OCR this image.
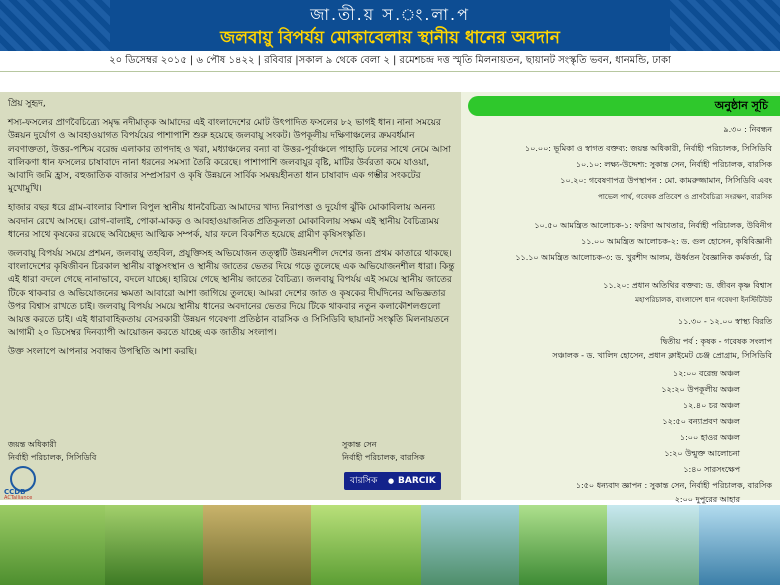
জা.তী.য় স.ং.লা.প
জলবায়ু বিপর্যয় মোকাবেলায় স্থানীয় ধানের অবদান
২০ ডিসেম্বর ২০১৫ | ৬ পৌষ ১৪২২ | রবিবার |সকাল ৯ থেকে বেলা ২ | রমেশচন্দ্র দত্ত স্মৃতি মিলনায়তন, ছায়ানট সংস্কৃতি ভবন, ধানমন্ডি, ঢাকা

প্রিয় সুহৃদ,

শস্য-ফসলের প্রাণবৈচিত্র্যে সমৃদ্ধ নদীমাতৃক আমাদের এই বাংলাদেশের মোট উৎপাদিত ফসলের ৮২ ভাগই ধান। নানা সময়ের উন্নয়ন দুর্যোগ ও আবহাওয়াগত বিপর্যয়ের পাশাপাশি শুরু হয়েছে জলবায়ু সংকট। উপকূলীয় দক্ষিণাঞ্চলের ক্রমবর্ধমান লবণাক্ততা, উত্তর-পশ্চিম বরেন্দ্র এলাকার তাপদাহ ও খরা, মধ্যাঞ্চলের বন্যা বা উত্তর-পূর্বাঞ্চলে পাহাড়ি ঢলের সাথে নেমে আসা বালিকণা ধান ফসলের চাষাবাদে নানা ধরনের সমস্যা তৈরি করেছে। পাশাপাশি জলবাযুর বৃষ্টি, মাটির উর্বরতা কমে যাওয়া, আবাদি জমি হ্রাস, বহুজাতিক বাজার সম্প্রসারণ ও কৃষি উন্নয়নে সার্বিক সমন্বয়হীনতা ধান চাষাবাদ এক গম্ভীর সংকটের মুখোমুখি।

হাজার বছর ধরে গ্রাম-বাংলার বিশাল বিপুল স্থানীয় ধানবৈচিত্র্য আমাদের খাদ্য নিরাপত্তা ও দুর্যোগ ঝুঁকি মোকাবিলায় অনন্য অবদান রেখে আসছে। রোগ-বালাই, পোকা-মাকড় ও আবহাওয়াজনিত প্রতিকূলতা মোকাবিলায় সক্ষম এই স্থানীয় বৈচিত্র্যময় ধানের সাথে কৃষকের রয়েছে অবিচ্ছেদ্য আত্মিক সম্পর্ক, যার ফলে বিকশিত হয়েছে গ্রামীণ কৃষিসংস্কৃতি।

জলবায়ু বিপর্যয় সময়ে প্রশমন, জলবায়ু তহবিল, প্রযুক্তিসহ অভিযোজন তত্ত্বটি উন্নয়নশীল দেশের জন্য প্রথম কাতারে থাকছে। বাংলাদেশের কৃষিজীবন চিরকাল স্থানীয় বাস্তুসংস্থান ও স্থানীয় জাতের ভেতর দিয়ে গড়ে তুলেছে এক অভিযোজনশীল ধারা। কিন্তু এই ধারা বদলে গেছে নানাভাবে, বদলে যাচ্ছে। হারিয়ে গেছে স্থানীয় জাতের বৈচিত্র্য। জলবায়ু বিপর্যয় এই সময়ে স্থানীয় জাতের টিকে থাকবার ও অভিযোজনের ক্ষমতা আবারো আশা জাগিয়ে তুলছে। আমরা দেশের জাত ও কৃষকের দীর্ঘদিনের অভিজ্ঞতার উপর বিশ্বাস রাখতে চাই। জলবায়ু বিপর্যয় সময়ে স্থানীয় ধানের অবদানের ভেতর দিয়ে টিকে থাকবার নতুন কলাকৌশলগুলো আয়ত্ত করতে চাই। এই ধারাবাহিকতায় বেসরকারী উন্নয়ন গবেষণা প্রতিষ্ঠান বারসিক ও সিসিডিবি ছায়ানট সংস্কৃতি মিলনায়তনে আগামী ২০ ডিসেম্বর দিনব্যাপী আয়োজন করতে যাচ্ছে এক জাতীয় সংলাপ।

উক্ত সংলাপে আপনার সবান্ধব উপস্থিতি আশা করছি।

জয়ন্ত অধিকারী
নির্বাহী পরিচালক, সিসিডিবি
সুকান্ত সেন
নির্বাহী পরিচালক, বারসিক
CCDB
ACTalliance
বারসিক ● BARCIK
অনুষ্ঠান সূচি
৯.৩০ : নিবন্ধন
১০.০০: ভূমিকা ও স্বাগত বক্তব্য: জয়ন্ত অধিকারী, নির্বাহী পরিচালক, সিসিডিবি
১০.১০: লক্ষ্য-উদ্দেশ্য: সুকান্ত সেন, নির্বাহী পরিচালক, বারসিক
১০.২০: গবেষণাপত্র উপস্থাপন : মো. কামরুজ্জামান, সিসিডিবি এবং
পাভেল পার্থ, গবেষক প্রতিবেশ ও প্রাণবৈচিত্র্য সংরক্ষণ, বারসিক
১০.৫০ আমন্ত্রিত আলোচক-১: ফরিদা আখতার, নির্বাহী পরিচালক, উবিনীগ
১১.০০ আমন্ত্রিত আলোচক-২: ড. গুল হোসেন, কৃষিবিজ্ঞানী
১১.১০ আমন্ত্রিত আলোচক-৩: ড. খুরশীদ আলম, ঊর্ধ্বতন বৈজ্ঞানিক কর্মকর্তা, ব্রি
১১.২০: প্রধান অতিথির বক্তব্য: ড. জীবন কৃষ্ণ বিশ্বাস
মহাপরিচালক, বাংলাদেশ ধান গবেষণা ইনস্টিটিউট
১১.৩০ - ১২.০০ স্বাস্থ্য বিরতি
দ্বিতীয় পর্ব : কৃষক - গবেষক সংলাপ
সঞ্চালক - ড. খালিদ হোসেন, প্রধান ক্লাইমেট চেঞ্জ প্রোগ্রাম, সিসিডিবি
১২:০০ বরেন্দ্র অঞ্চল
১২:২০ উপকূলীয় অঞ্চল
১২.৪০ চর অঞ্চল
১২:৫০ বন্যাপ্রবণ অঞ্চল
১:০০ হাওর অঞ্চল
১:২০ উন্মুক্ত আলোচনা
১:৪০ সারসংক্ষেপ
১:৫০ ধন্যবাদ জ্ঞাপন : সুকান্ত সেন, নির্বাহী পরিচালক, বারসিক
২:০০ দুপুরের আহার
